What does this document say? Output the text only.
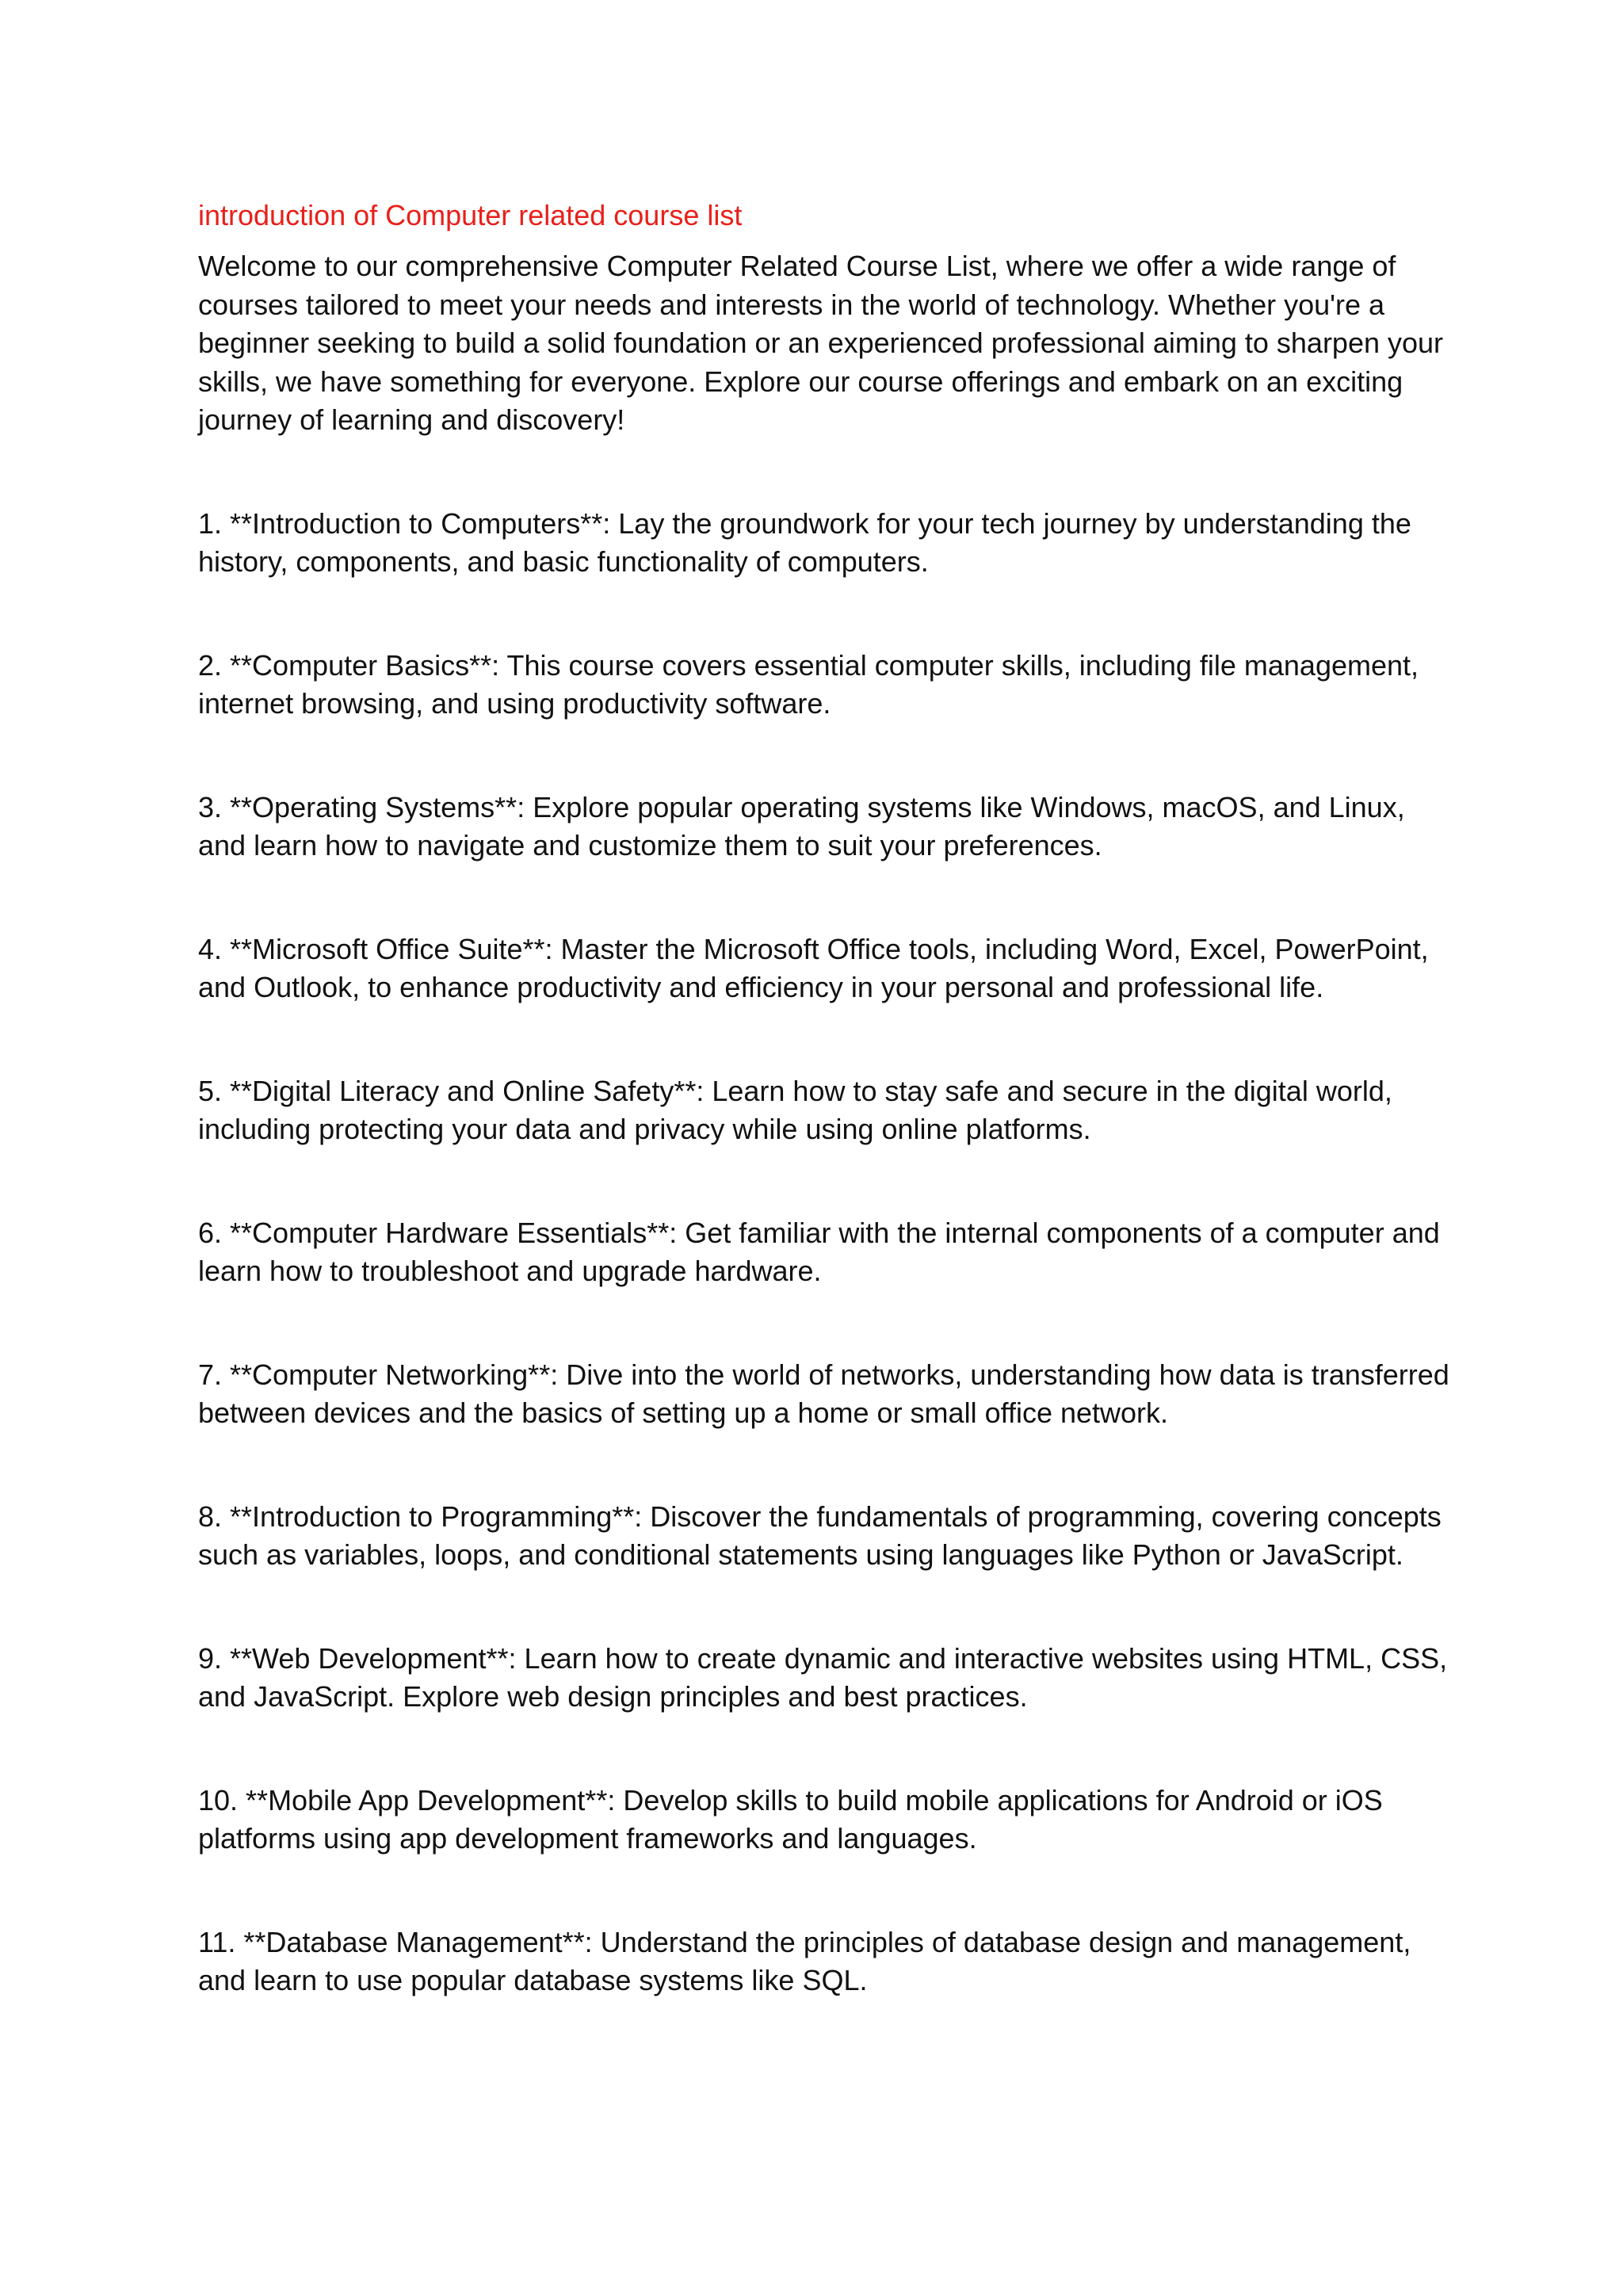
introduction of Computer related course list

Welcome to our comprehensive Computer Related Course List, where we offer a wide range of courses tailored to meet your needs and interests in the world of technology. Whether you're a beginner seeking to build a solid foundation or an experienced professional aiming to sharpen your skills, we have something for everyone. Explore our course offerings and embark on an exciting journey of learning and discovery!

1. **Introduction to Computers**: Lay the groundwork for your tech journey by understanding the history, components, and basic functionality of computers.
2. **Computer Basics**: This course covers essential computer skills, including file management, internet browsing, and using productivity software.
3. **Operating Systems**: Explore popular operating systems like Windows, macOS, and Linux, and learn how to navigate and customize them to suit your preferences.
4. **Microsoft Office Suite**: Master the Microsoft Office tools, including Word, Excel, PowerPoint, and Outlook, to enhance productivity and efficiency in your personal and professional life.
5. **Digital Literacy and Online Safety**: Learn how to stay safe and secure in the digital world, including protecting your data and privacy while using online platforms.
6. **Computer Hardware Essentials**: Get familiar with the internal components of a computer and learn how to troubleshoot and upgrade hardware.
7. **Computer Networking**: Dive into the world of networks, understanding how data is transferred between devices and the basics of setting up a home or small office network.
8. **Introduction to Programming**: Discover the fundamentals of programming, covering concepts such as variables, loops, and conditional statements using languages like Python or JavaScript.
9. **Web Development**: Learn how to create dynamic and interactive websites using HTML, CSS, and JavaScript. Explore web design principles and best practices.
10. **Mobile App Development**: Develop skills to build mobile applications for Android or iOS platforms using app development frameworks and languages.
11. **Database Management**: Understand the principles of database design and management, and learn to use popular database systems like SQL.
